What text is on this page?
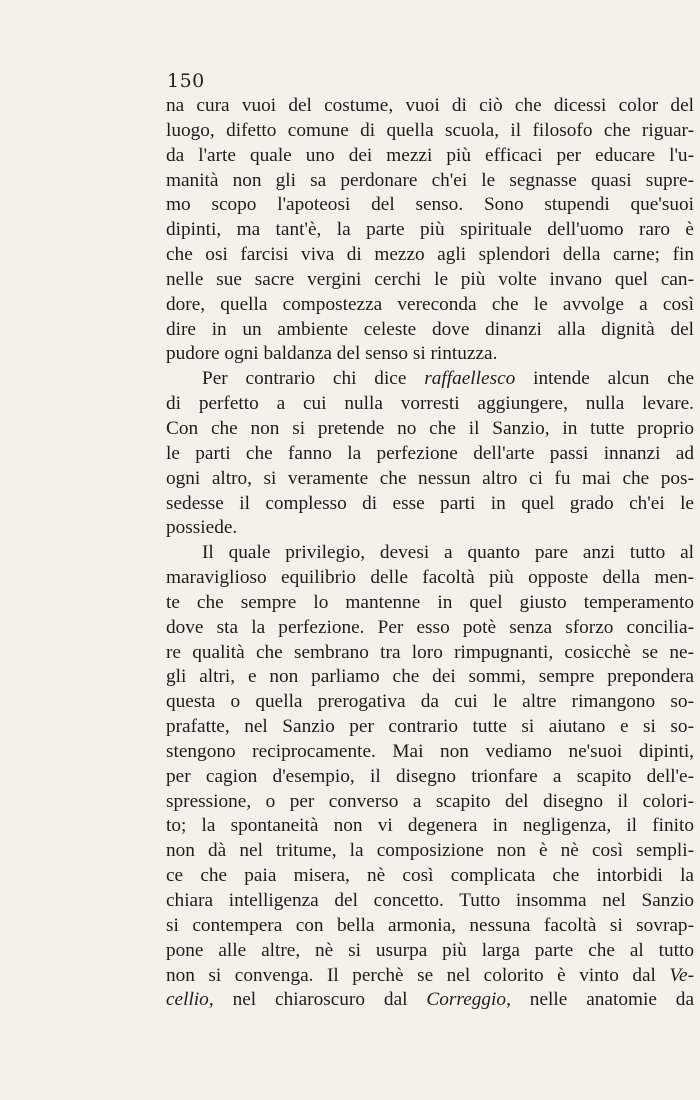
150
na cura vuoi del costume, vuoi di ciò che dicessi color del
luogo, difetto comune di quella scuola, il filosofo che riguar-
da l'arte quale uno dei mezzi più efficaci per educare l'u-
manità non gli sa perdonare ch'ei le segnasse quasi supre-
mo scopo l'apoteosi del senso. Sono stupendi que'suoi
dipinti, ma tant'è, la parte più spirituale dell'uomo raro è
che osi farcisi viva di mezzo agli splendori della carne; fin
nelle sue sacre vergini cerchi le più volte invano quel can-
dore, quella compostezza vereconda che le avvolge a così
dire in un ambiente celeste dove dinanzi alla dignità del
pudore ogni baldanza del senso si rintuzza.
Per contrario chi dice raffaellesco intende alcun che
di perfetto a cui nulla vorresti aggiungere, nulla levare.
Con che non si pretende no che il Sanzio, in tutte proprio
le parti che fanno la perfezione dell'arte passi innanzi ad
ogni altro, si veramente che nessun altro ci fu mai che pos-
sedesse il complesso di esse parti in quel grado ch'ei le
possiede.
Il quale privilegio, devesi a quanto pare anzi tutto al
maraviglioso equilibrio delle facoltà più opposte della men-
te che sempre lo mantenne in quel giusto temperamento
dove sta la perfezione. Per esso potè senza sforzo concilia-
re qualità che sembrano tra loro rimpugnanti, cosicchè se ne-
gli altri, e non parliamo che dei sommi, sempre prepondera
questa o quella prerogativa da cui le altre rimangono so-
prafatte, nel Sanzio per contrario tutte si aiutano e si so-
stengono reciprocamente. Mai non vediamo ne'suoi dipinti,
per cagion d'esempio, il disegno trionfare a scapito dell'e-
spressione, o per converso a scapito del disegno il colori-
to; la spontaneità non vi degenera in negligenza, il finito
non dà nel tritume, la composizione non è nè così sempli-
ce che paia misera, nè così complicata che intorbidi la
chiara intelligenza del concetto. Tutto insomma nel Sanzio
si contempera con bella armonia, nessuna facoltà si sovrap-
pone alle altre, nè si usurpa più larga parte che al tutto
non si convenga. Il perchè se nel colorito è vinto dal Ve-
cellio, nel chiaroscuro dal Correggio, nelle anatomie da
